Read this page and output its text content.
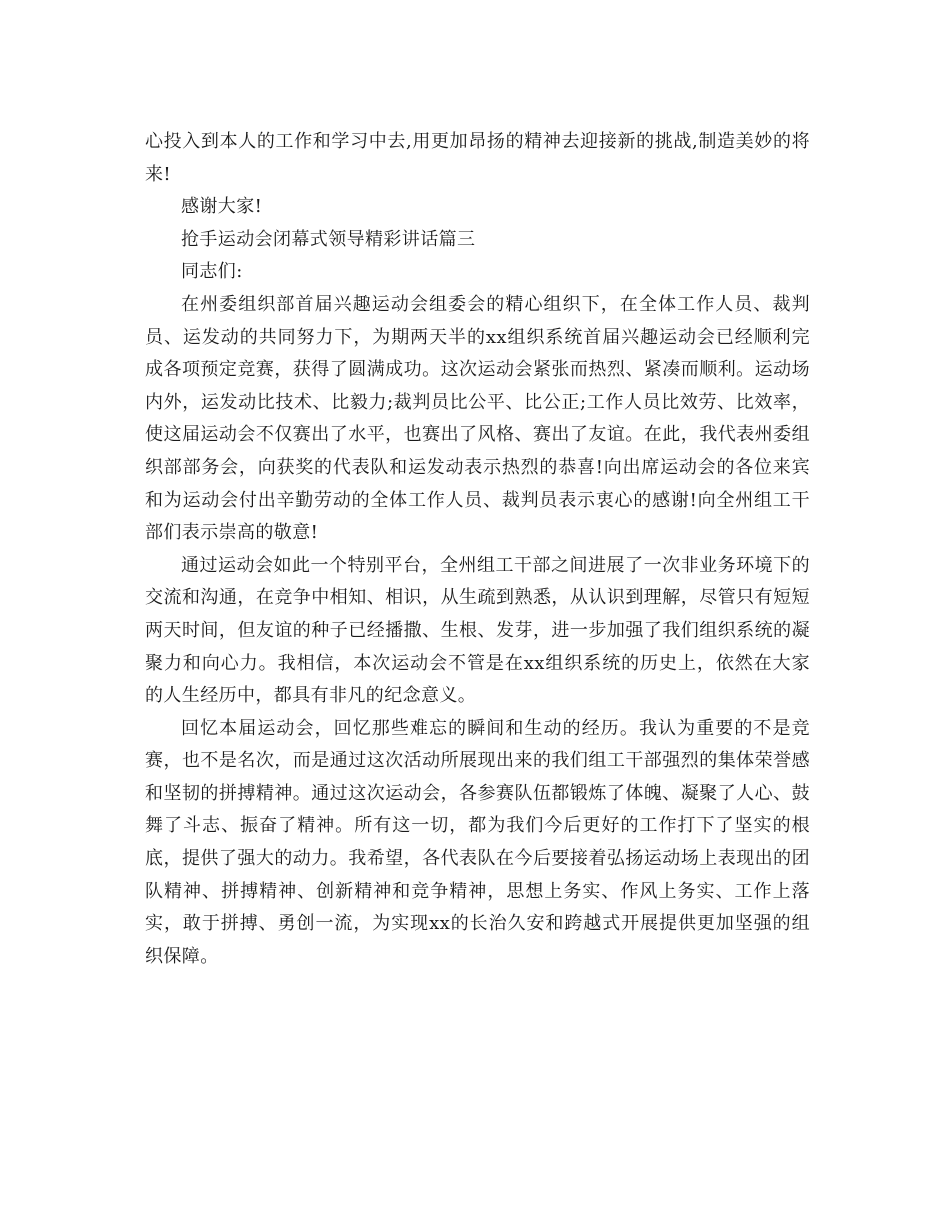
心投入到本人的工作和学习中去,用更加昂扬的精神去迎接新的挑战,制造美妙的将来!

感谢大家!

抢手运动会闭幕式领导精彩讲话篇三

同志们:

在州委组织部首届兴趣运动会组委会的精心组织下，在全体工作人员、裁判员、运发动的共同努力下，为期两天半的xx组织系统首届兴趣运动会已经顺利完成各项预定竞赛，获得了圆满成功。这次运动会紧张而热烈、紧凑而顺利。运动场内外，运发动比技术、比毅力;裁判员比公平、比公正;工作人员比效劳、比效率，使这届运动会不仅赛出了水平，也赛出了风格、赛出了友谊。在此，我代表州委组织部部务会，向获奖的代表队和运发动表示热烈的恭喜!向出席运动会的各位来宾和为运动会付出辛勤劳动的全体工作人员、裁判员表示衷心的感谢!向全州组工干部们表示崇高的敬意!

通过运动会如此一个特别平台，全州组工干部之间进展了一次非业务环境下的交流和沟通，在竞争中相知、相识，从生疏到熟悉，从认识到理解，尽管只有短短两天时间，但友谊的种子已经播撒、生根、发芽，进一步加强了我们组织系统的凝聚力和向心力。我相信，本次运动会不管是在xx组织系统的历史上，依然在大家的人生经历中，都具有非凡的纪念意义。

回忆本届运动会，回忆那些难忘的瞬间和生动的经历。我认为重要的不是竞赛，也不是名次，而是通过这次活动所展现出来的我们组工干部强烈的集体荣誉感和坚韧的拼搏精神。通过这次运动会，各参赛队伍都锻炼了体魄、凝聚了人心、鼓舞了斗志、振奋了精神。所有这一切，都为我们今后更好的工作打下了坚实的根底，提供了强大的动力。我希望，各代表队在今后要接着弘扬运动场上表现出的团队精神、拼搏精神、创新精神和竞争精神，思想上务实、作风上务实、工作上落实，敢于拼搏、勇创一流，为实现xx的长治久安和跨越式开展提供更加坚强的组织保障。
